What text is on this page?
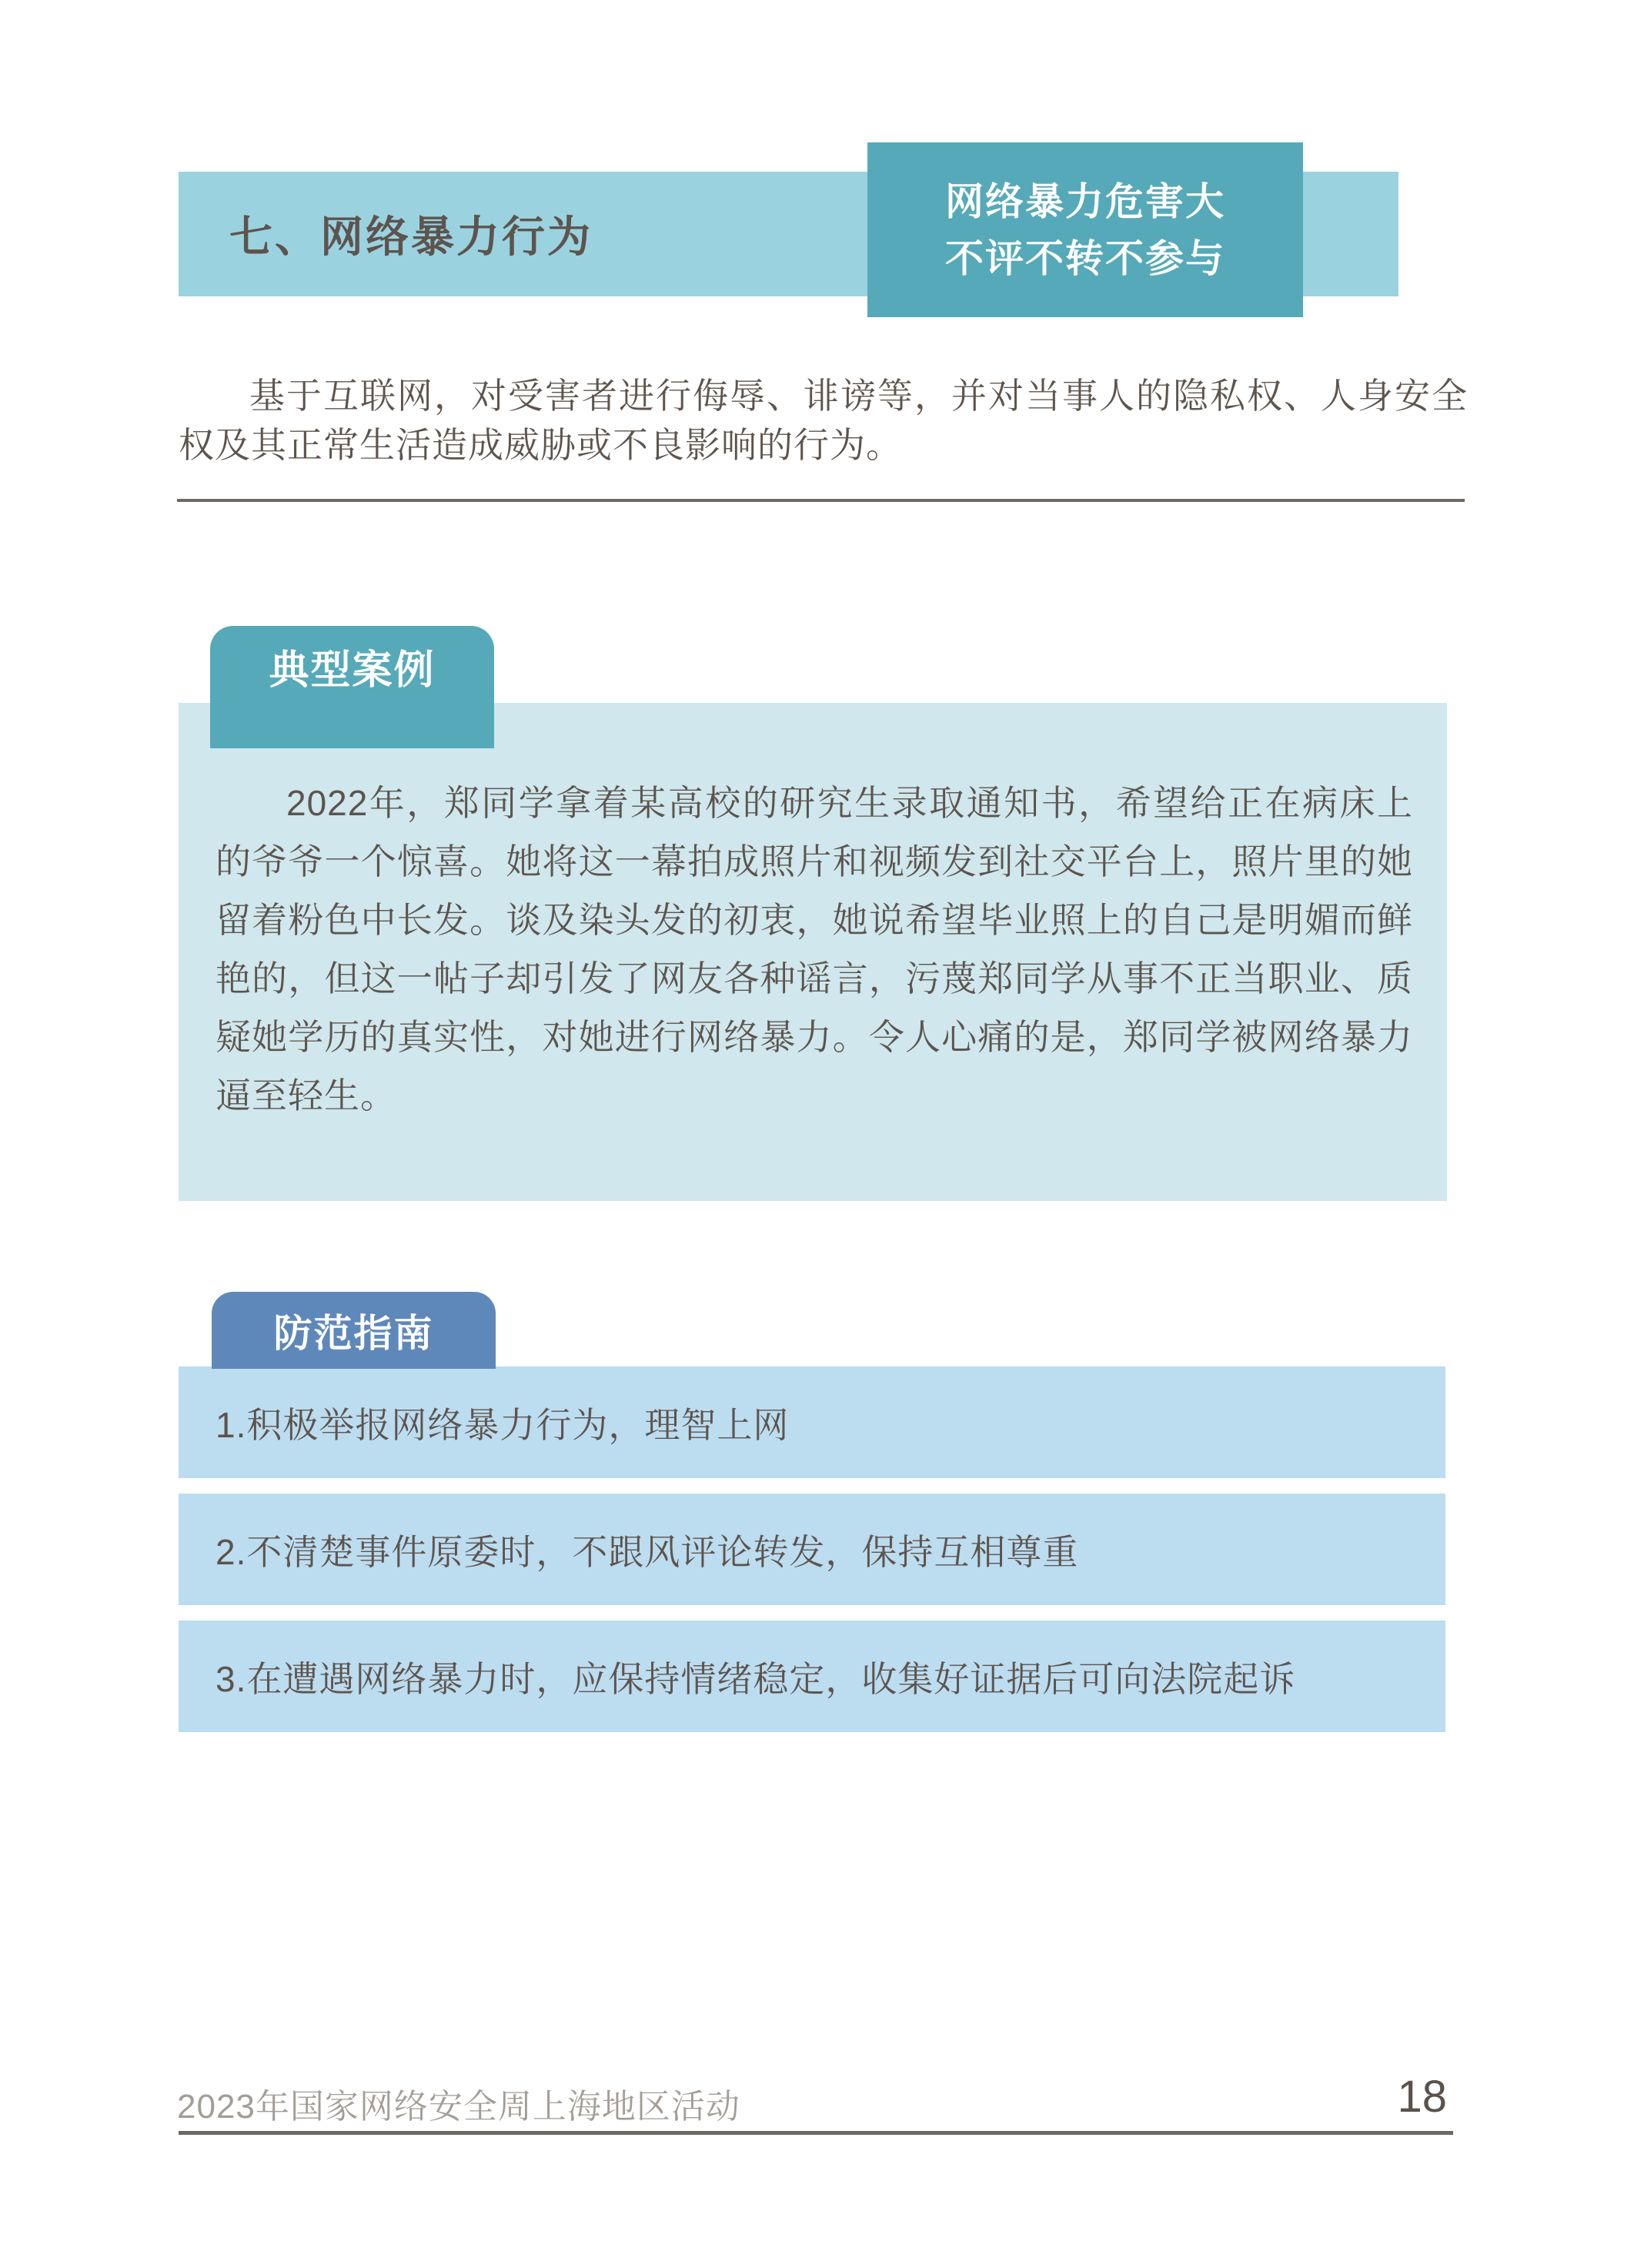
七、网络暴力行为
网络暴力危害大
不评不转不参与
基于互联网，对受害者进行侮辱、诽谤等，并对当事人的隐私权、人身安全权及其正常生活造成威胁或不良影响的行为。
典型案例
2022年，郑同学拿着某高校的研究生录取通知书，希望给正在病床上的爷爷一个惊喜。她将这一幕拍成照片和视频发到社交平台上，照片里的她留着粉色中长发。谈及染头发的初衷，她说希望毕业照上的自己是明媚而鲜艳的，但这一帖子却引发了网友各种谣言，污蔑郑同学从事不正当职业、质疑她学历的真实性，对她进行网络暴力。令人心痛的是，郑同学被网络暴力逼至轻生。
防范指南
1.积极举报网络暴力行为，理智上网
2.不清楚事件原委时，不跟风评论转发，保持互相尊重
3.在遭遇网络暴力时，应保持情绪稳定，收集好证据后可向法院起诉
2023年国家网络安全周上海地区活动	18
